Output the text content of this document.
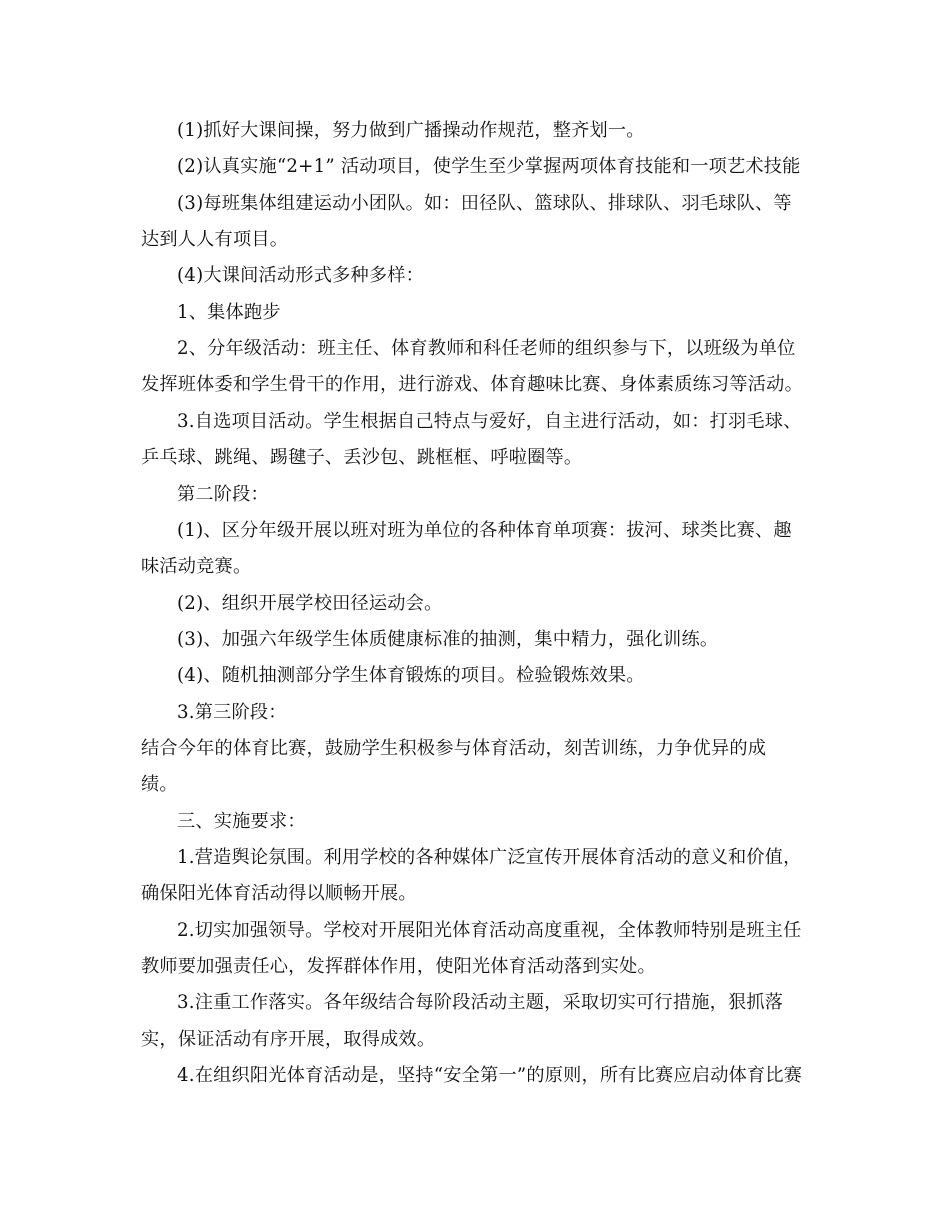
(1)抓好大课间操，努力做到广播操动作规范，整齐划一。
(2)认真实施“2+1” 活动项目，使学生至少掌握两项体育技能和一项艺术技能
(3)每班集体组建运动小团队。如：田径队、篮球队、排球队、羽毛球队、等
达到人人有项目。
(4)大课间活动形式多种多样：
1、集体跑步
2、分年级活动：班主任、体育教师和科任老师的组织参与下，以班级为单位
发挥班体委和学生骨干的作用，进行游戏、体育趣味比赛、身体素质练习等活动。
3.自选项目活动。学生根据自己特点与爱好，自主进行活动，如：打羽毛球、
乒乓球、跳绳、踢毽子、丢沙包、跳框框、呼啦圈等。
第二阶段：
(1)、区分年级开展以班对班为单位的各种体育单项赛：拔河、球类比赛、趣
味活动竞赛。
(2)、组织开展学校田径运动会。
(3)、加强六年级学生体质健康标准的抽测，集中精力，强化训练。
(4)、随机抽测部分学生体育锻炼的项目。检验锻炼效果。
3.第三阶段：
结合今年的体育比赛，鼓励学生积极参与体育活动，刻苦训练，力争优异的成
绩。
三、实施要求：
1.营造舆论氛围。利用学校的各种媒体广泛宣传开展体育活动的意义和价值，
确保阳光体育活动得以顺畅开展。
2.切实加强领导。学校对开展阳光体育活动高度重视，全体教师特别是班主任
教师要加强责任心，发挥群体作用，使阳光体育活动落到实处。
3.注重工作落实。各年级结合每阶段活动主题，采取切实可行措施，狠抓落
实，保证活动有序开展，取得成效。
4.在组织阳光体育活动是，坚持“安全第一”的原则，所有比赛应启动体育比赛
